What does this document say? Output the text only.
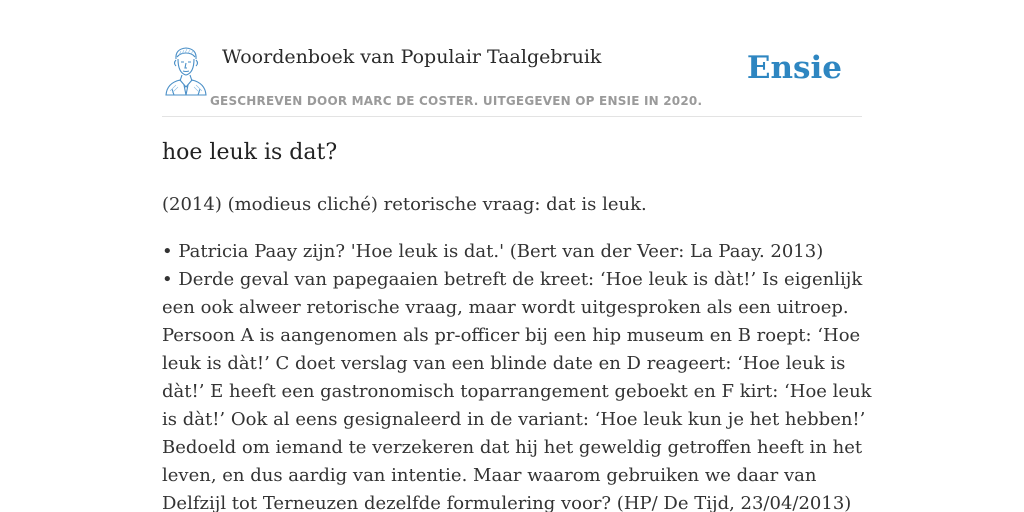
Woordenboek van Populair Taalgebruik
GESCHREVEN DOOR MARC DE COSTER. UITGEGEVEN OP ENSIE IN 2020.
Ensie
hoe leuk is dat?

(2014) (modieus cliché) retorische vraag: dat is leuk.

• Patricia Paay zijn? 'Hoe leuk is dat.' (Bert van der Veer: La Paay. 2013)

• Derde geval van papegaaien betreft de kreet: ‘Hoe leuk is dàt!’ Is eigenlijk een ook alweer retorische vraag, maar wordt uitgesproken als een uitroep. Persoon A is aangenomen als pr-officer bij een hip museum en B roept: ‘Hoe leuk is dàt!’ C doet verslag van een blinde date en D reageert: ‘Hoe leuk is dàt!’ E heeft een gastronomisch toparrangement geboekt en F kirt: ‘Hoe leuk is dàt!’ Ook al eens gesignaleerd in de variant: ‘Hoe leuk kun je het hebben!’ Bedoeld om iemand te verzekeren dat hij het geweldig getroffen heeft in het leven, en dus aardig van intentie. Maar waarom gebruiken we daar van Delfzijl tot Terneuzen dezelfde formulering voor? (HP/ De Tijd, 23/04/2013)
